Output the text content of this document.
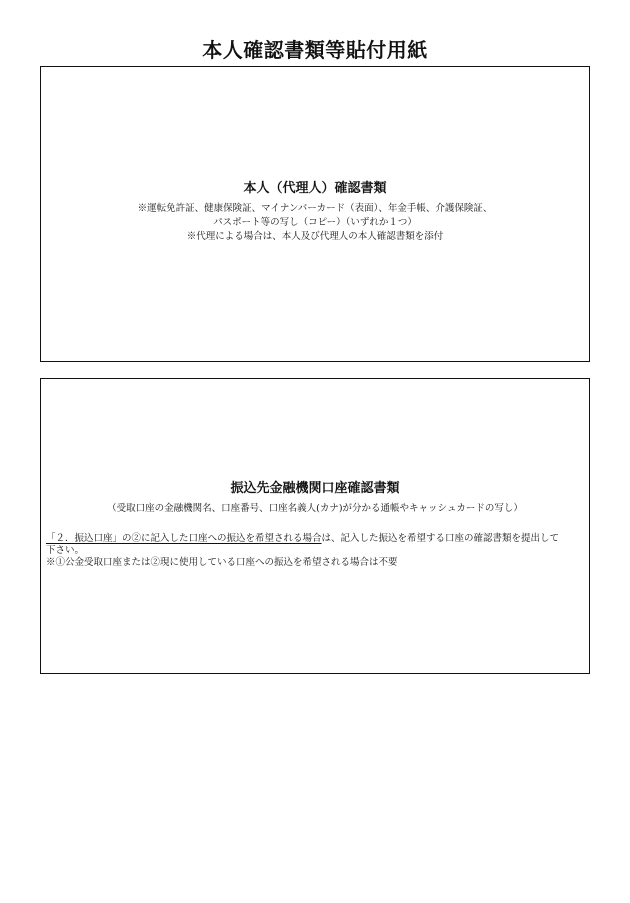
本人確認書類等貼付用紙
本人（代理人）確認書類
※運転免許証、健康保険証、マイナンバーカード（表面）、年金手帳、介護保険証、
パスポート等の写し（コピー）（いずれか１つ）
※代理による場合は、本人及び代理人の本人確認書類を添付
振込先金融機関口座確認書類
（受取口座の金融機関名、口座番号、口座名義人(カナ)が分かる通帳やキャッシュカードの写し）
「２．振込口座」の②に記入した口座への振込を希望される場合は、記入した振込を希望する口座の確認書類を提出して
下さい。
※①公金受取口座または②現に使用している口座への振込を希望される場合は不要
